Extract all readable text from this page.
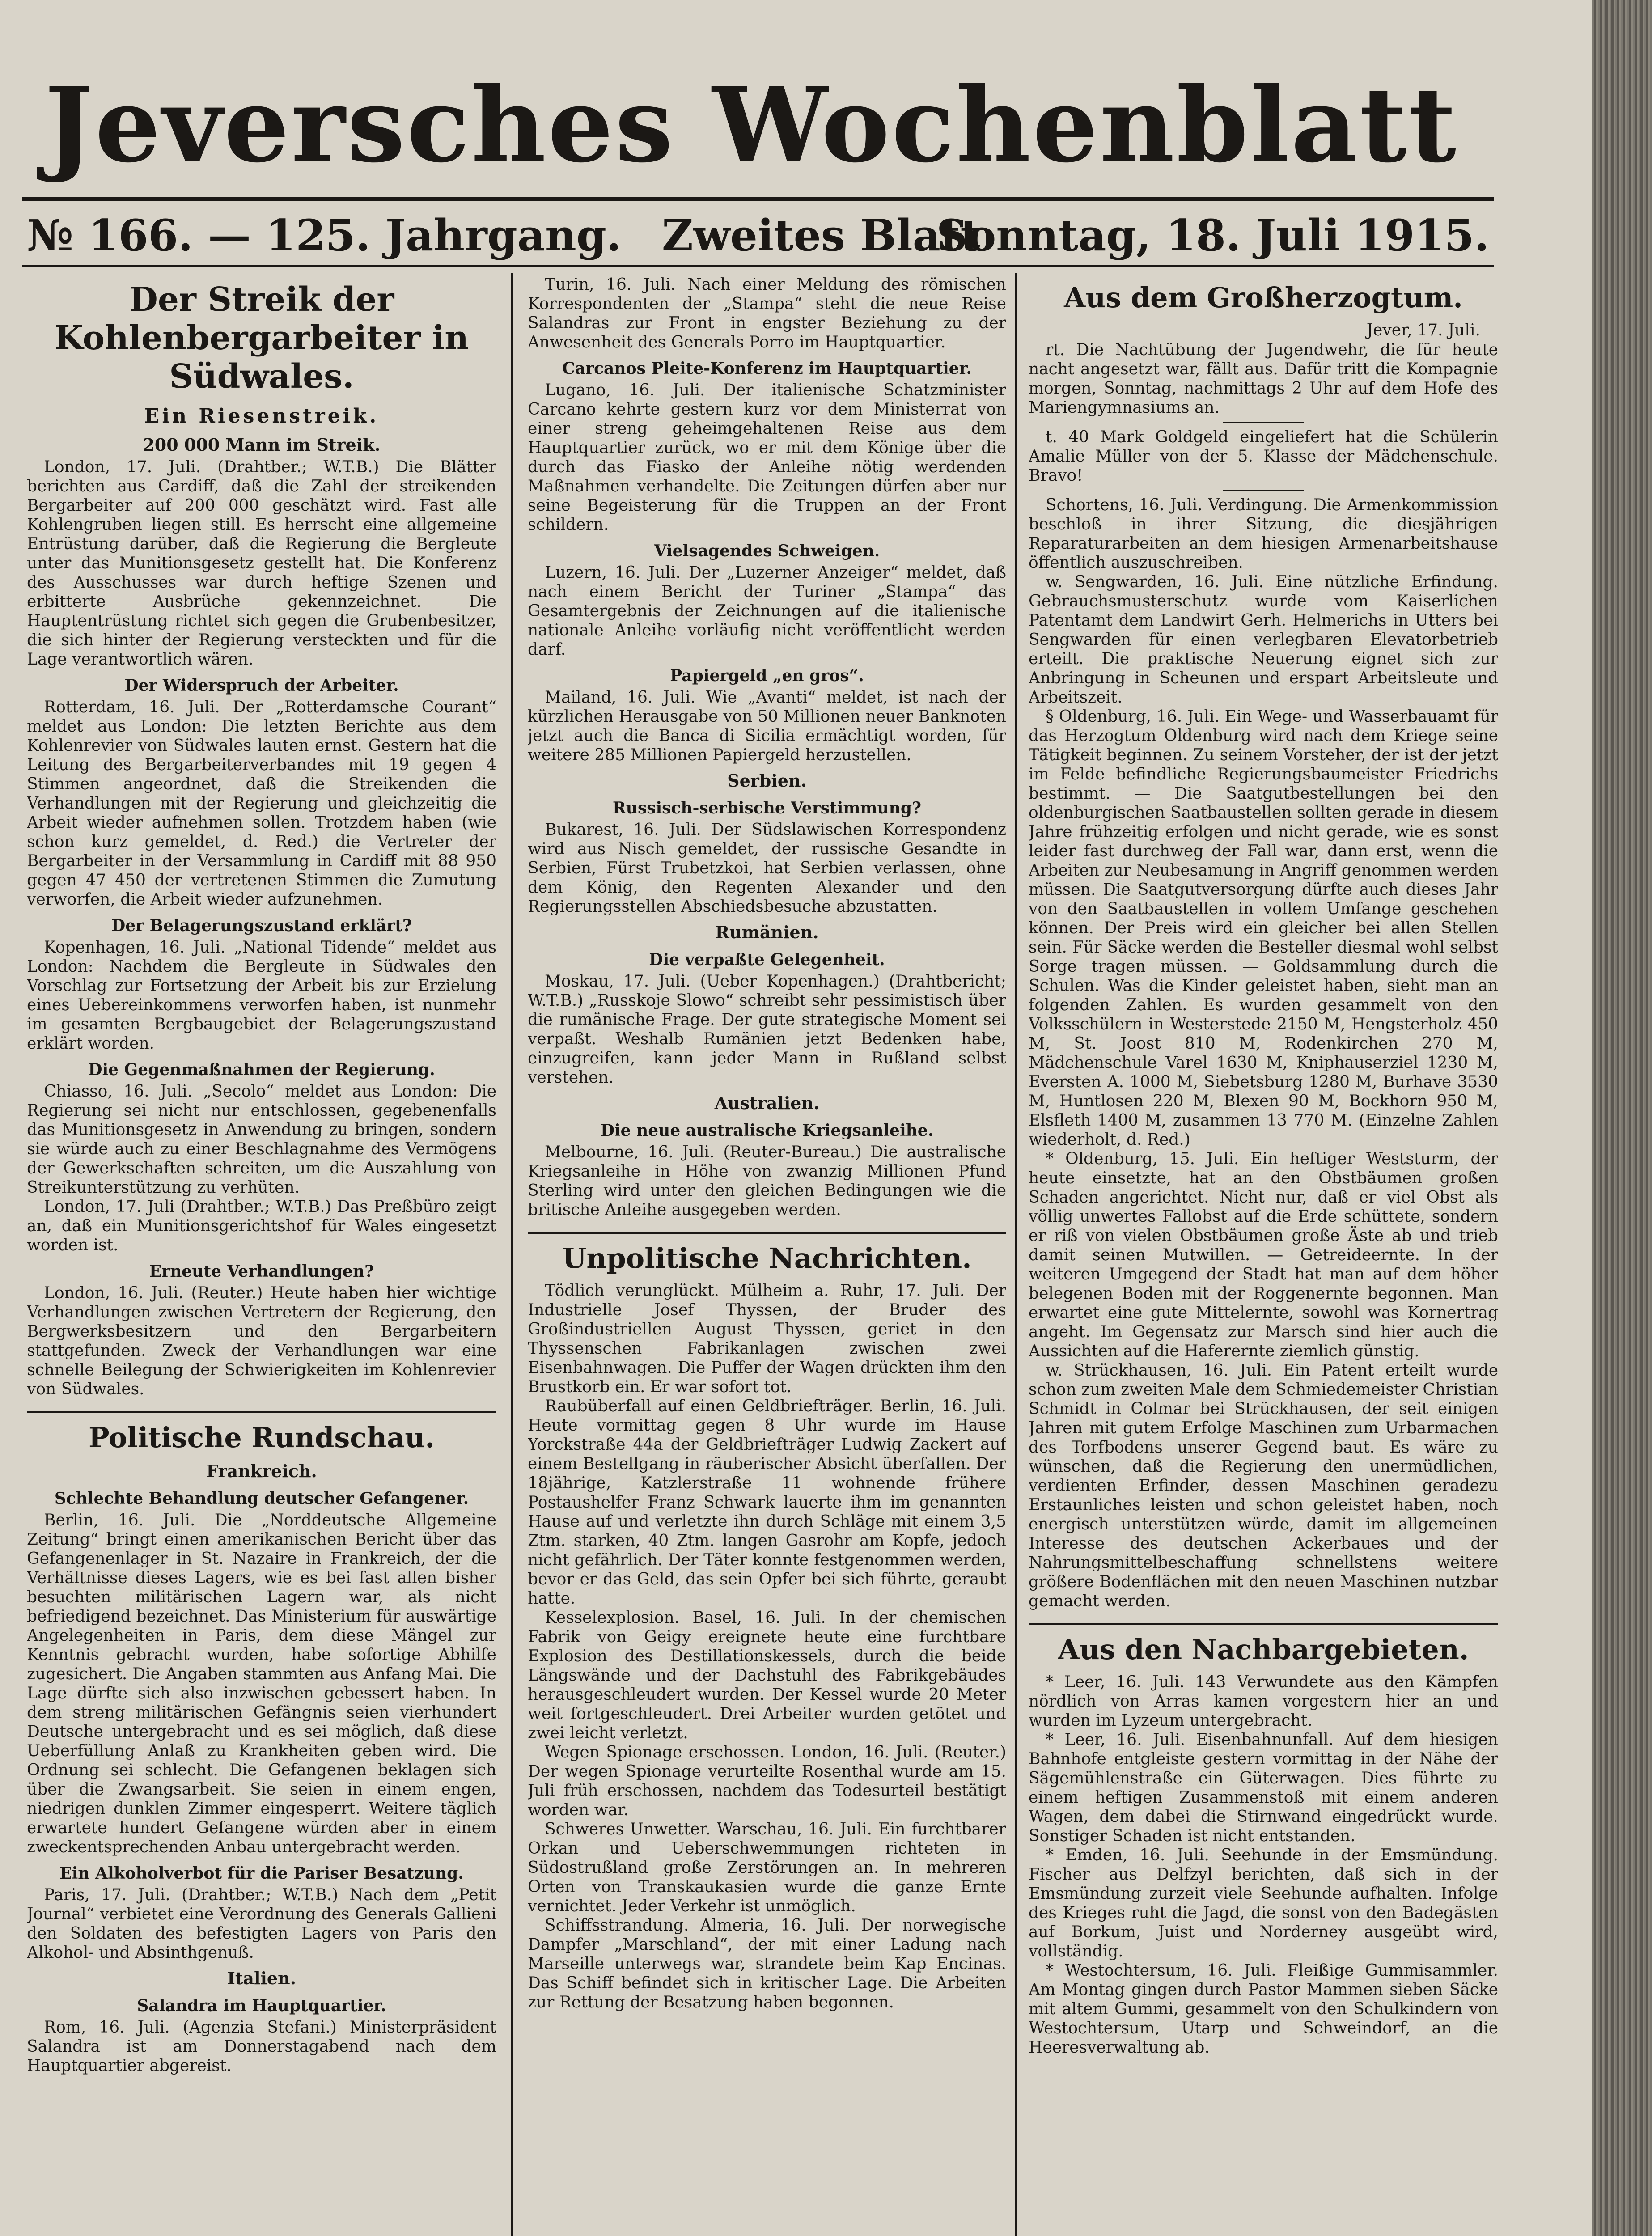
Jeversches Wochenblatt
№ 166. — 125. Jahrgang. Zweites Blatt
Sonntag, 18. Juli 1915.
Der Streik der Kohlenbergarbeiter in Südwales.
Ein Riesenstreik.
200 000 Mann im Streik.

London, 17. Juli. (Drahtber.; W.T.B.) Die Blätter berichten aus Cardiff, daß die Zahl der streikenden Bergarbeiter auf 200 000 geschätzt wird. Fast alle Kohlengruben liegen still. Es herrscht eine allgemeine Entrüstung darüber, daß die Regierung die Bergleute unter das Munitionsgesetz gestellt hat. Die Konferenz des Ausschusses war durch heftige Szenen und erbitterte Ausbrüche gekennzeichnet. Die Hauptentrüstung richtet sich gegen die Grubenbesitzer, die sich hinter der Regierung versteckten und für die Lage verantwortlich wären.

Der Widerspruch der Arbeiter.

Rotterdam, 16. Juli. Der „Rotterdamsche Courant“ meldet aus London: Die letzten Berichte aus dem Kohlenrevier von Südwales lauten ernst. Gestern hat die Leitung des Bergarbeiterverbandes mit 19 gegen 4 Stimmen angeordnet, daß die Streikenden die Verhandlungen mit der Regierung und gleichzeitig die Arbeit wieder aufnehmen sollen. Trotzdem haben (wie schon kurz gemeldet, d. Red.) die Vertreter der Bergarbeiter in der Versammlung in Cardiff mit 88 950 gegen 47 450 der vertretenen Stimmen die Zumutung verworfen, die Arbeit wieder aufzunehmen.

Der Belagerungszustand erklärt?

Kopenhagen, 16. Juli. „National Tidende“ meldet aus London: Nachdem die Bergleute in Südwales den Vorschlag zur Fortsetzung der Arbeit bis zur Erzielung eines Uebereinkommens verworfen haben, ist nunmehr im gesamten Bergbaugebiet der Belagerungszustand erklärt worden.

Die Gegenmaßnahmen der Regierung.

Chiasso, 16. Juli. „Secolo“ meldet aus London: Die Regierung sei nicht nur entschlossen, gegebenenfalls das Munitionsgesetz in Anwendung zu bringen, sondern sie würde auch zu einer Beschlagnahme des Vermögens der Gewerkschaften schreiten, um die Auszahlung von Streikunterstützung zu verhüten.

London, 17. Juli (Drahtber.; W.T.B.) Das Preßbüro zeigt an, daß ein Munitionsgerichtshof für Wales eingesetzt worden ist.

Erneute Verhandlungen?

London, 16. Juli. (Reuter.) Heute haben hier wichtige Verhandlungen zwischen Vertretern der Regierung, den Bergwerksbesitzern und den Bergarbeitern stattgefunden. Zweck der Verhandlungen war eine schnelle Beilegung der Schwierigkeiten im Kohlenrevier von Südwales.

Politische Rundschau.
Frankreich.
Schlechte Behandlung deutscher Gefangener.

Berlin, 16. Juli. Die „Norddeutsche Allgemeine Zeitung“ bringt einen amerikanischen Bericht über das Gefangenenlager in St. Nazaire in Frankreich, der die Verhältnisse dieses Lagers, wie es bei fast allen bisher besuchten militärischen Lagern war, als nicht befriedigend bezeichnet. Das Ministerium für auswärtige Angelegenheiten in Paris, dem diese Mängel zur Kenntnis gebracht wurden, habe sofortige Abhilfe zugesichert. Die Angaben stammten aus Anfang Mai. Die Lage dürfte sich also inzwischen gebessert haben. In dem streng militärischen Gefängnis seien vierhundert Deutsche untergebracht und es sei möglich, daß diese Ueberfüllung Anlaß zu Krankheiten geben wird. Die Ordnung sei schlecht. Die Gefangenen beklagen sich über die Zwangsarbeit. Sie seien in einem engen, niedrigen dunklen Zimmer eingesperrt. Weitere täglich erwartete hundert Gefangene würden aber in einem zweckentsprechenden Anbau untergebracht werden.

Ein Alkoholverbot für die Pariser Besatzung.

Paris, 17. Juli. (Drahtber.; W.T.B.) Nach dem „Petit Journal“ verbietet eine Verordnung des Generals Gallieni den Soldaten des befestigten Lagers von Paris den Alkohol- und Absinthgenuß.

Italien.
Salandra im Hauptquartier.

Rom, 16. Juli. (Agenzia Stefani.) Ministerpräsident Salandra ist am Donnerstagabend nach dem Hauptquartier abgereist.

Turin, 16. Juli. Nach einer Meldung des römischen Korrespondenten der „Stampa“ steht die neue Reise Salandras zur Front in engster Beziehung zu der Anwesenheit des Generals Porro im Hauptquartier.

Carcanos Pleite-Konferenz im Hauptquartier.

Lugano, 16. Juli. Der italienische Schatzminister Carcano kehrte gestern kurz vor dem Ministerrat von einer streng geheimgehaltenen Reise aus dem Hauptquartier zurück, wo er mit dem Könige über die durch das Fiasko der Anleihe nötig werdenden Maßnahmen verhandelte. Die Zeitungen dürfen aber nur seine Begeisterung für die Truppen an der Front schildern.

Vielsagendes Schweigen.

Luzern, 16. Juli. Der „Luzerner Anzeiger“ meldet, daß nach einem Bericht der Turiner „Stampa“ das Gesamtergebnis der Zeichnungen auf die italienische nationale Anleihe vorläufig nicht veröffentlicht werden darf.

Papiergeld „en gros“.

Mailand, 16. Juli. Wie „Avanti“ meldet, ist nach der kürzlichen Herausgabe von 50 Millionen neuer Banknoten jetzt auch die Banca di Sicilia ermächtigt worden, für weitere 285 Millionen Papiergeld herzustellen.

Serbien.
Russisch-serbische Verstimmung?

Bukarest, 16. Juli. Der Südslawischen Korrespondenz wird aus Nisch gemeldet, der russische Gesandte in Serbien, Fürst Trubetzkoi, hat Serbien verlassen, ohne dem König, den Regenten Alexander und den Regierungsstellen Abschiedsbesuche abzustatten.

Rumänien.
Die verpaßte Gelegenheit.

Moskau, 17. Juli. (Ueber Kopenhagen.) (Drahtbericht; W.T.B.) „Russkoje Slowo“ schreibt sehr pessimistisch über die rumänische Frage. Der gute strategische Moment sei verpaßt. Weshalb Rumänien jetzt Bedenken habe, einzugreifen, kann jeder Mann in Rußland selbst verstehen.

Australien.
Die neue australische Kriegsanleihe.

Melbourne, 16. Juli. (Reuter-Bureau.) Die australische Kriegsanleihe in Höhe von zwanzig Millionen Pfund Sterling wird unter den gleichen Bedingungen wie die britische Anleihe ausgegeben werden.

Unpolitische Nachrichten.

Tödlich verunglückt. Mülheim a. Ruhr, 17. Juli. Der Industrielle Josef Thyssen, der Bruder des Großindustriellen August Thyssen, geriet in den Thyssenschen Fabrikanlagen zwischen zwei Eisenbahnwagen. Die Puffer der Wagen drückten ihm den Brustkorb ein. Er war sofort tot.

Raubüberfall auf einen Geldbriefträger. Berlin, 16. Juli. Heute vormittag gegen 8 Uhr wurde im Hause Yorckstraße 44a der Geldbriefträger Ludwig Zackert auf einem Bestellgang in räuberischer Absicht überfallen. Der 18jährige, Katzlerstraße 11 wohnende frühere Postaushelfer Franz Schwark lauerte ihm im genannten Hause auf und verletzte ihn durch Schläge mit einem 3,5 Ztm. starken, 40 Ztm. langen Gasrohr am Kopfe, jedoch nicht gefährlich. Der Täter konnte festgenommen werden, bevor er das Geld, das sein Opfer bei sich führte, geraubt hatte.

Kesselexplosion. Basel, 16. Juli. In der chemischen Fabrik von Geigy ereignete heute eine furchtbare Explosion des Destillationskessels, durch die beide Längswände und der Dachstuhl des Fabrikgebäudes herausgeschleudert wurden. Der Kessel wurde 20 Meter weit fortgeschleudert. Drei Arbeiter wurden getötet und zwei leicht verletzt.

Wegen Spionage erschossen. London, 16. Juli. (Reuter.) Der wegen Spionage verurteilte Rosenthal wurde am 15. Juli früh erschossen, nachdem das Todesurteil bestätigt worden war.

Schweres Unwetter. Warschau, 16. Juli. Ein furchtbarer Orkan und Ueberschwemmungen richteten in Südostrußland große Zerstörungen an. In mehreren Orten von Transkaukasien wurde die ganze Ernte vernichtet. Jeder Verkehr ist unmöglich.

Schiffsstrandung. Almeria, 16. Juli. Der norwegische Dampfer „Marschland“, der mit einer Ladung nach Marseille unterwegs war, strandete beim Kap Encinas. Das Schiff befindet sich in kritischer Lage. Die Arbeiten zur Rettung der Besatzung haben begonnen.

Aus dem Großherzogtum.
Jever, 17. Juli.

rt. Die Nachtübung der Jugendwehr, die für heute nacht angesetzt war, fällt aus. Dafür tritt die Kompagnie morgen, Sonntag, nachmittags 2 Uhr auf dem Hofe des Mariengymnasiums an.

t. 40 Mark Goldgeld eingeliefert hat die Schülerin Amalie Müller von der 5. Klasse der Mädchenschule. Bravo!

Schortens, 16. Juli. Verdingung. Die Armenkommission beschloß in ihrer Sitzung, die diesjährigen Reparaturarbeiten an dem hiesigen Armenarbeitshause öffentlich auszuschreiben.

w. Sengwarden, 16. Juli. Eine nützliche Erfindung. Gebrauchsmusterschutz wurde vom Kaiserlichen Patentamt dem Landwirt Gerh. Helmerichs in Utters bei Sengwarden für einen verlegbaren Elevatorbetrieb erteilt. Die praktische Neuerung eignet sich zur Anbringung in Scheunen und erspart Arbeitsleute und Arbeitszeit.

§ Oldenburg, 16. Juli. Ein Wege- und Wasserbauamt für das Herzogtum Oldenburg wird nach dem Kriege seine Tätigkeit beginnen. Zu seinem Vorsteher, der ist der jetzt im Felde befindliche Regierungsbaumeister Friedrichs bestimmt. — Die Saatgutbestellungen bei den oldenburgischen Saatbaustellen sollten gerade in diesem Jahre frühzeitig erfolgen und nicht gerade, wie es sonst leider fast durchweg der Fall war, dann erst, wenn die Arbeiten zur Neubesamung in Angriff genommen werden müssen. Die Saatgutversorgung dürfte auch dieses Jahr von den Saatbaustellen in vollem Umfange geschehen können. Der Preis wird ein gleicher bei allen Stellen sein. Für Säcke werden die Besteller diesmal wohl selbst Sorge tragen müssen. — Goldsammlung durch die Schulen. Was die Kinder geleistet haben, sieht man an folgenden Zahlen. Es wurden gesammelt von den Volksschülern in Westerstede 2150 M, Hengsterholz 450 M, St. Joost 810 M, Rodenkirchen 270 M, Mädchenschule Varel 1630 M, Kniphauserziel 1230 M, Eversten A. 1000 M, Siebetsburg 1280 M, Burhave 3530 M, Huntlosen 220 M, Blexen 90 M, Bockhorn 950 M, Elsfleth 1400 M, zusammen 13 770 M. (Einzelne Zahlen wiederholt, d. Red.)

* Oldenburg, 15. Juli. Ein heftiger Weststurm, der heute einsetzte, hat an den Obstbäumen großen Schaden angerichtet. Nicht nur, daß er viel Obst als völlig unwertes Fallobst auf die Erde schüttete, sondern er riß von vielen Obstbäumen große Äste ab und trieb damit seinen Mutwillen. — Getreideernte. In der weiteren Umgegend der Stadt hat man auf dem höher belegenen Boden mit der Roggenernte begonnen. Man erwartet eine gute Mittelernte, sowohl was Kornertrag angeht. Im Gegensatz zur Marsch sind hier auch die Aussichten auf die Haferernte ziemlich günstig.

w. Strückhausen, 16. Juli. Ein Patent erteilt wurde schon zum zweiten Male dem Schmiedemeister Christian Schmidt in Colmar bei Strückhausen, der seit einigen Jahren mit gutem Erfolge Maschinen zum Urbarmachen des Torfbodens unserer Gegend baut. Es wäre zu wünschen, daß die Regierung den unermüdlichen, verdienten Erfinder, dessen Maschinen geradezu Erstaunliches leisten und schon geleistet haben, noch energisch unterstützen würde, damit im allgemeinen Interesse des deutschen Ackerbaues und der Nahrungsmittelbeschaffung schnellstens weitere größere Bodenflächen mit den neuen Maschinen nutzbar gemacht werden.

Aus den Nachbargebieten.

* Leer, 16. Juli. 143 Verwundete aus den Kämpfen nördlich von Arras kamen vorgestern hier an und wurden im Lyzeum untergebracht.

* Leer, 16. Juli. Eisenbahnunfall. Auf dem hiesigen Bahnhofe entgleiste gestern vormittag in der Nähe der Sägemühlenstraße ein Güterwagen. Dies führte zu einem heftigen Zusammenstoß mit einem anderen Wagen, dem dabei die Stirnwand eingedrückt wurde. Sonstiger Schaden ist nicht entstanden.

* Emden, 16. Juli. Seehunde in der Emsmündung. Fischer aus Delfzyl berichten, daß sich in der Emsmündung zurzeit viele Seehunde aufhalten. Infolge des Krieges ruht die Jagd, die sonst von den Badegästen auf Borkum, Juist und Norderney ausgeübt wird, vollständig.

* Westochtersum, 16. Juli. Fleißige Gummisammler. Am Montag gingen durch Pastor Mammen sieben Säcke mit altem Gummi, gesammelt von den Schulkindern von Westochtersum, Utarp und Schweindorf, an die Heeresverwaltung ab.
